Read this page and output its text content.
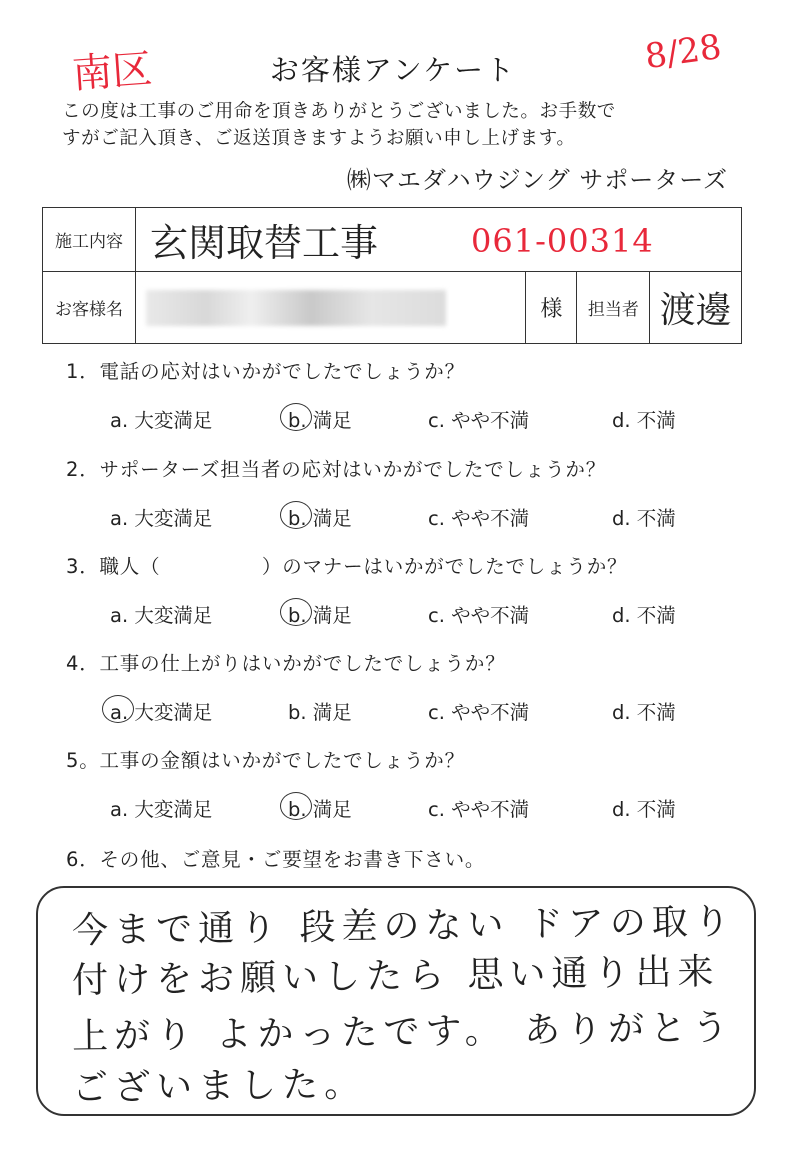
南区	8/28
お客様アンケート
この度は工事のご用命を頂きありがとうございました。お手数で
すがご記入頂き、ご返送頂きますようお願い申し上げます。
㈱マエダハウジング サポーターズ
施工内容	玄関取替工事 061-00314			

お客様名		様	担当者	渡邊
1．電話の応対はいかがでしたでしょうか？
a. 大変満足	b. 満足	c. やや不満	d. 不満
2．サポーターズ担当者の応対はいかがでしたでしょうか？
a. 大変満足	b. 満足	c. やや不満	d. 不満
3．職人（　　　　　）のマナーはいかがでしたでしょうか？
a. 大変満足	b. 満足	c. やや不満	d. 不満
4．工事の仕上がりはいかがでしたでしょうか？
a. 大変満足	b. 満足	c. やや不満	d. 不満
5。工事の金額はいかがでしたでしょうか？
a. 大変満足	b. 満足	c. やや不満	d. 不満
6．その他、ご意見・ご要望をお書き下さい。
今まで通り 段差のない ドアの取り
付けをお願いしたら 思い通り出来
上がり よかったです。 ありがとう
ございました。
